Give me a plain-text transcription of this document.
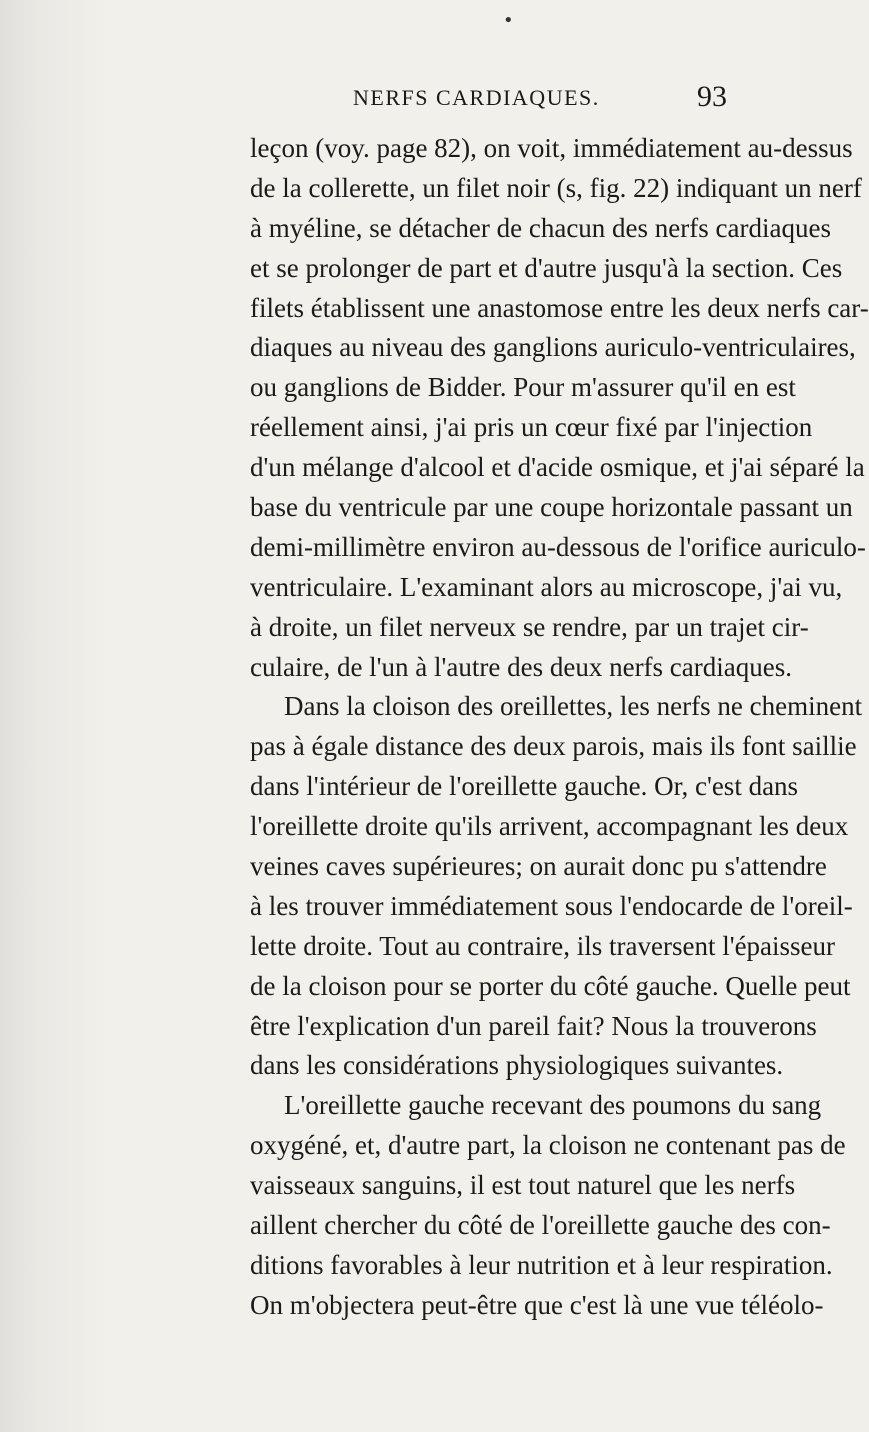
•
NERFS CARDIAQUES.	93
leçon (voy. page 82), on voit, immédiatement au-dessus
de la collerette, un filet noir (s, fig. 22) indiquant un nerf
à myéline, se détacher de chacun des nerfs cardiaques
et se prolonger de part et d'autre jusqu'à la section. Ces
filets établissent une anastomose entre les deux nerfs car-
diaques au niveau des ganglions auriculo-ventriculaires,
ou ganglions de Bidder. Pour m'assurer qu'il en est
réellement ainsi, j'ai pris un cœur fixé par l'injection
d'un mélange d'alcool et d'acide osmique, et j'ai séparé la
base du ventricule par une coupe horizontale passant un
demi-millimètre environ au-dessous de l'orifice auriculo-
ventriculaire. L'examinant alors au microscope, j'ai vu,
à droite, un filet nerveux se rendre, par un trajet cir-
culaire, de l'un à l'autre des deux nerfs cardiaques.
Dans la cloison des oreillettes, les nerfs ne cheminent
pas à égale distance des deux parois, mais ils font saillie
dans l'intérieur de l'oreillette gauche. Or, c'est dans
l'oreillette droite qu'ils arrivent, accompagnant les deux
veines caves supérieures; on aurait donc pu s'attendre
à les trouver immédiatement sous l'endocarde de l'oreil-
lette droite. Tout au contraire, ils traversent l'épaisseur
de la cloison pour se porter du côté gauche. Quelle peut
être l'explication d'un pareil fait? Nous la trouverons
dans les considérations physiologiques suivantes.
L'oreillette gauche recevant des poumons du sang
oxygéné, et, d'autre part, la cloison ne contenant pas de
vaisseaux sanguins, il est tout naturel que les nerfs
aillent chercher du côté de l'oreillette gauche des con-
ditions favorables à leur nutrition et à leur respiration.
On m'objectera peut-être que c'est là une vue téléolo-
